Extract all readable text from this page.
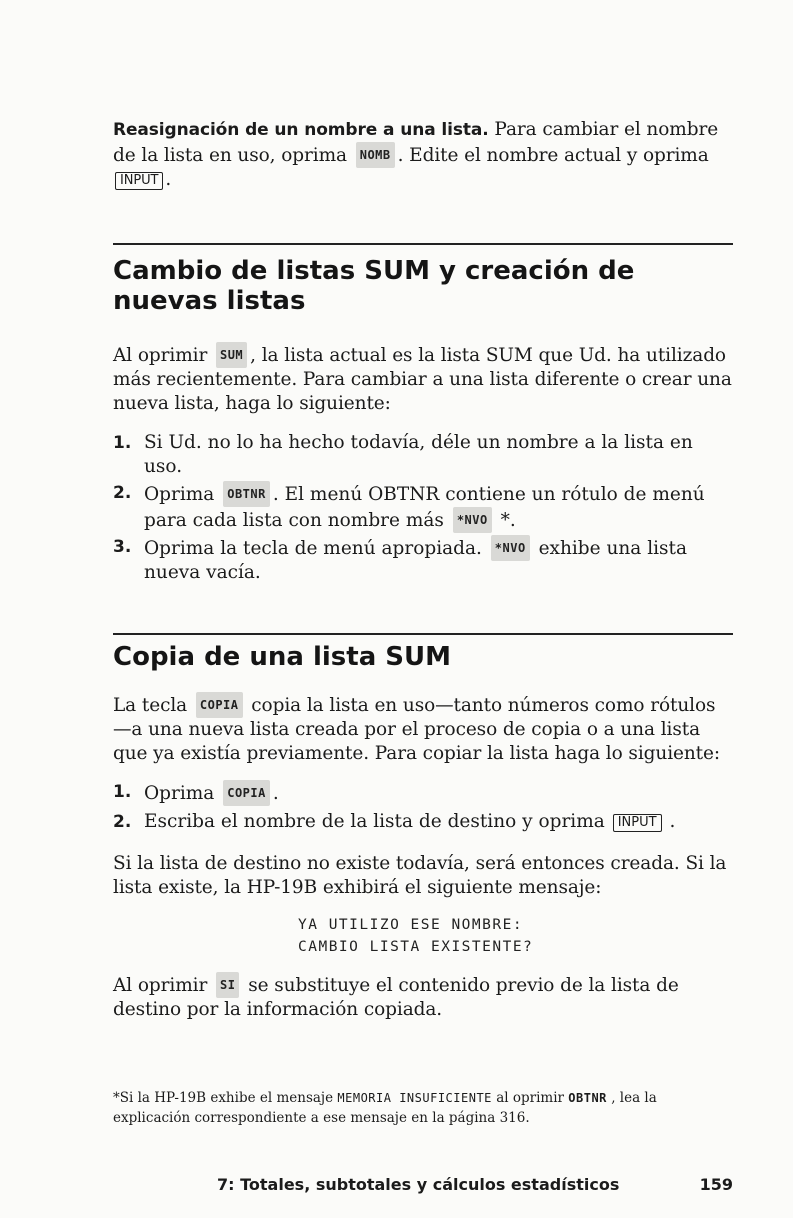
Reasignación de un nombre a una lista. Para cambiar el nombre de la lista en uso, oprima NOMB . Edite el nombre actual y oprima INPUT .

Cambio de listas SUM y creación de nuevas listas

Al oprimir SUM , la lista actual es la lista SUM que Ud. ha utilizado más recientemente. Para cambiar a una lista diferente o crear una nueva lista, haga lo siguiente:

1. Si Ud. no lo ha hecho todavía, déle un nombre a la lista en uso.
2. Oprima OBTNR . El menú OBTNR contiene un rótulo de menú para cada lista con nombre más *NVO *.
3. Oprima la tecla de menú apropiada. *NVO exhibe una lista nueva vacía.
Copia de una lista SUM

La tecla COPIA copia la lista en uso—tanto números como rótulos—a una nueva lista creada por el proceso de copia o a una lista que ya existía previamente. Para copiar la lista haga lo siguiente:

1. Oprima COPIA .
2. Escriba el nombre de la lista de destino y oprima INPUT .

Si la lista de destino no existe todavía, será entonces creada. Si la lista existe, la HP-19B exhibirá el siguiente mensaje:

YA UTILIZO ESE NOMBRE:
CAMBIO LISTA EXISTENTE?

Al oprimir SI se substituye el contenido previo de la lista de destino por la información copiada.

*Si la HP-19B exhibe el mensaje MEMORIA INSUFICIENTE al oprimir OBTNR , lea la explicación correspondiente a ese mensaje en la página 316.

7: Totales, subtotales y cálculos estadísticos	159
